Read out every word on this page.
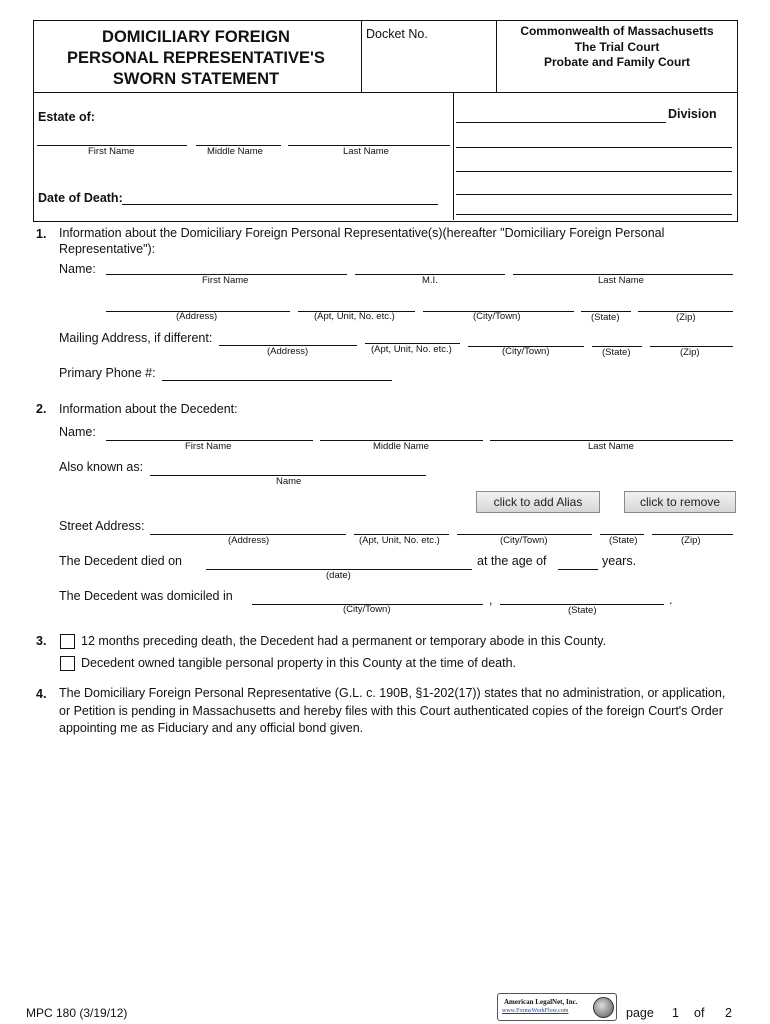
DOMICILIARY FOREIGN
PERSONAL REPRESENTATIVE'S
SWORN STATEMENT
Docket No.	Commonwealth of Massachusetts
The Trial Court
Probate and Family Court
Estate of:
First Name	Middle Name	Last Name
Date of Death:
Division
1. Information about the Domiciliary Foreign Personal Representative(s)(hereafter "Domiciliary Foreign Personal
Representative"):
Name:
First Name	M.I.	Last Name
(Address)	(Apt, Unit, No. etc.)	(City/Town)	(State)	(Zip)
Mailing Address, if different:
(Address)	(Apt, Unit, No. etc.)	(City/Town)	(State)	(Zip)
Primary Phone #:
2. Information about the Decedent:
Name:
First Name	Middle Name	Last Name
Also known as:
Name
click to add Alias	click to remove
Street Address:
(Address)	(Apt, Unit, No. etc.)	(City/Town)	(State)	(Zip)
The Decedent died on
(date)
at the age of	years.
The Decedent was domiciled in	,	.
(City/Town)	(State)
3.	12 months preceding death, the Decedent had a permanent or temporary abode in this County.
Decedent owned tangible personal property in this County at the time of death.
4. The Domiciliary Foreign Personal Representative (G.L. c. 190B, §1-202(17)) states that no administration, or application,
or Petition is pending in Massachusetts and hereby files with this Court authenticated copies of the foreign Court's Order
appointing me as Fiduciary and any official bond given.
MPC 180 (3/19/12)
American LegalNet, Inc.
www.FormsWorkFlow.com	page 1 of 2
